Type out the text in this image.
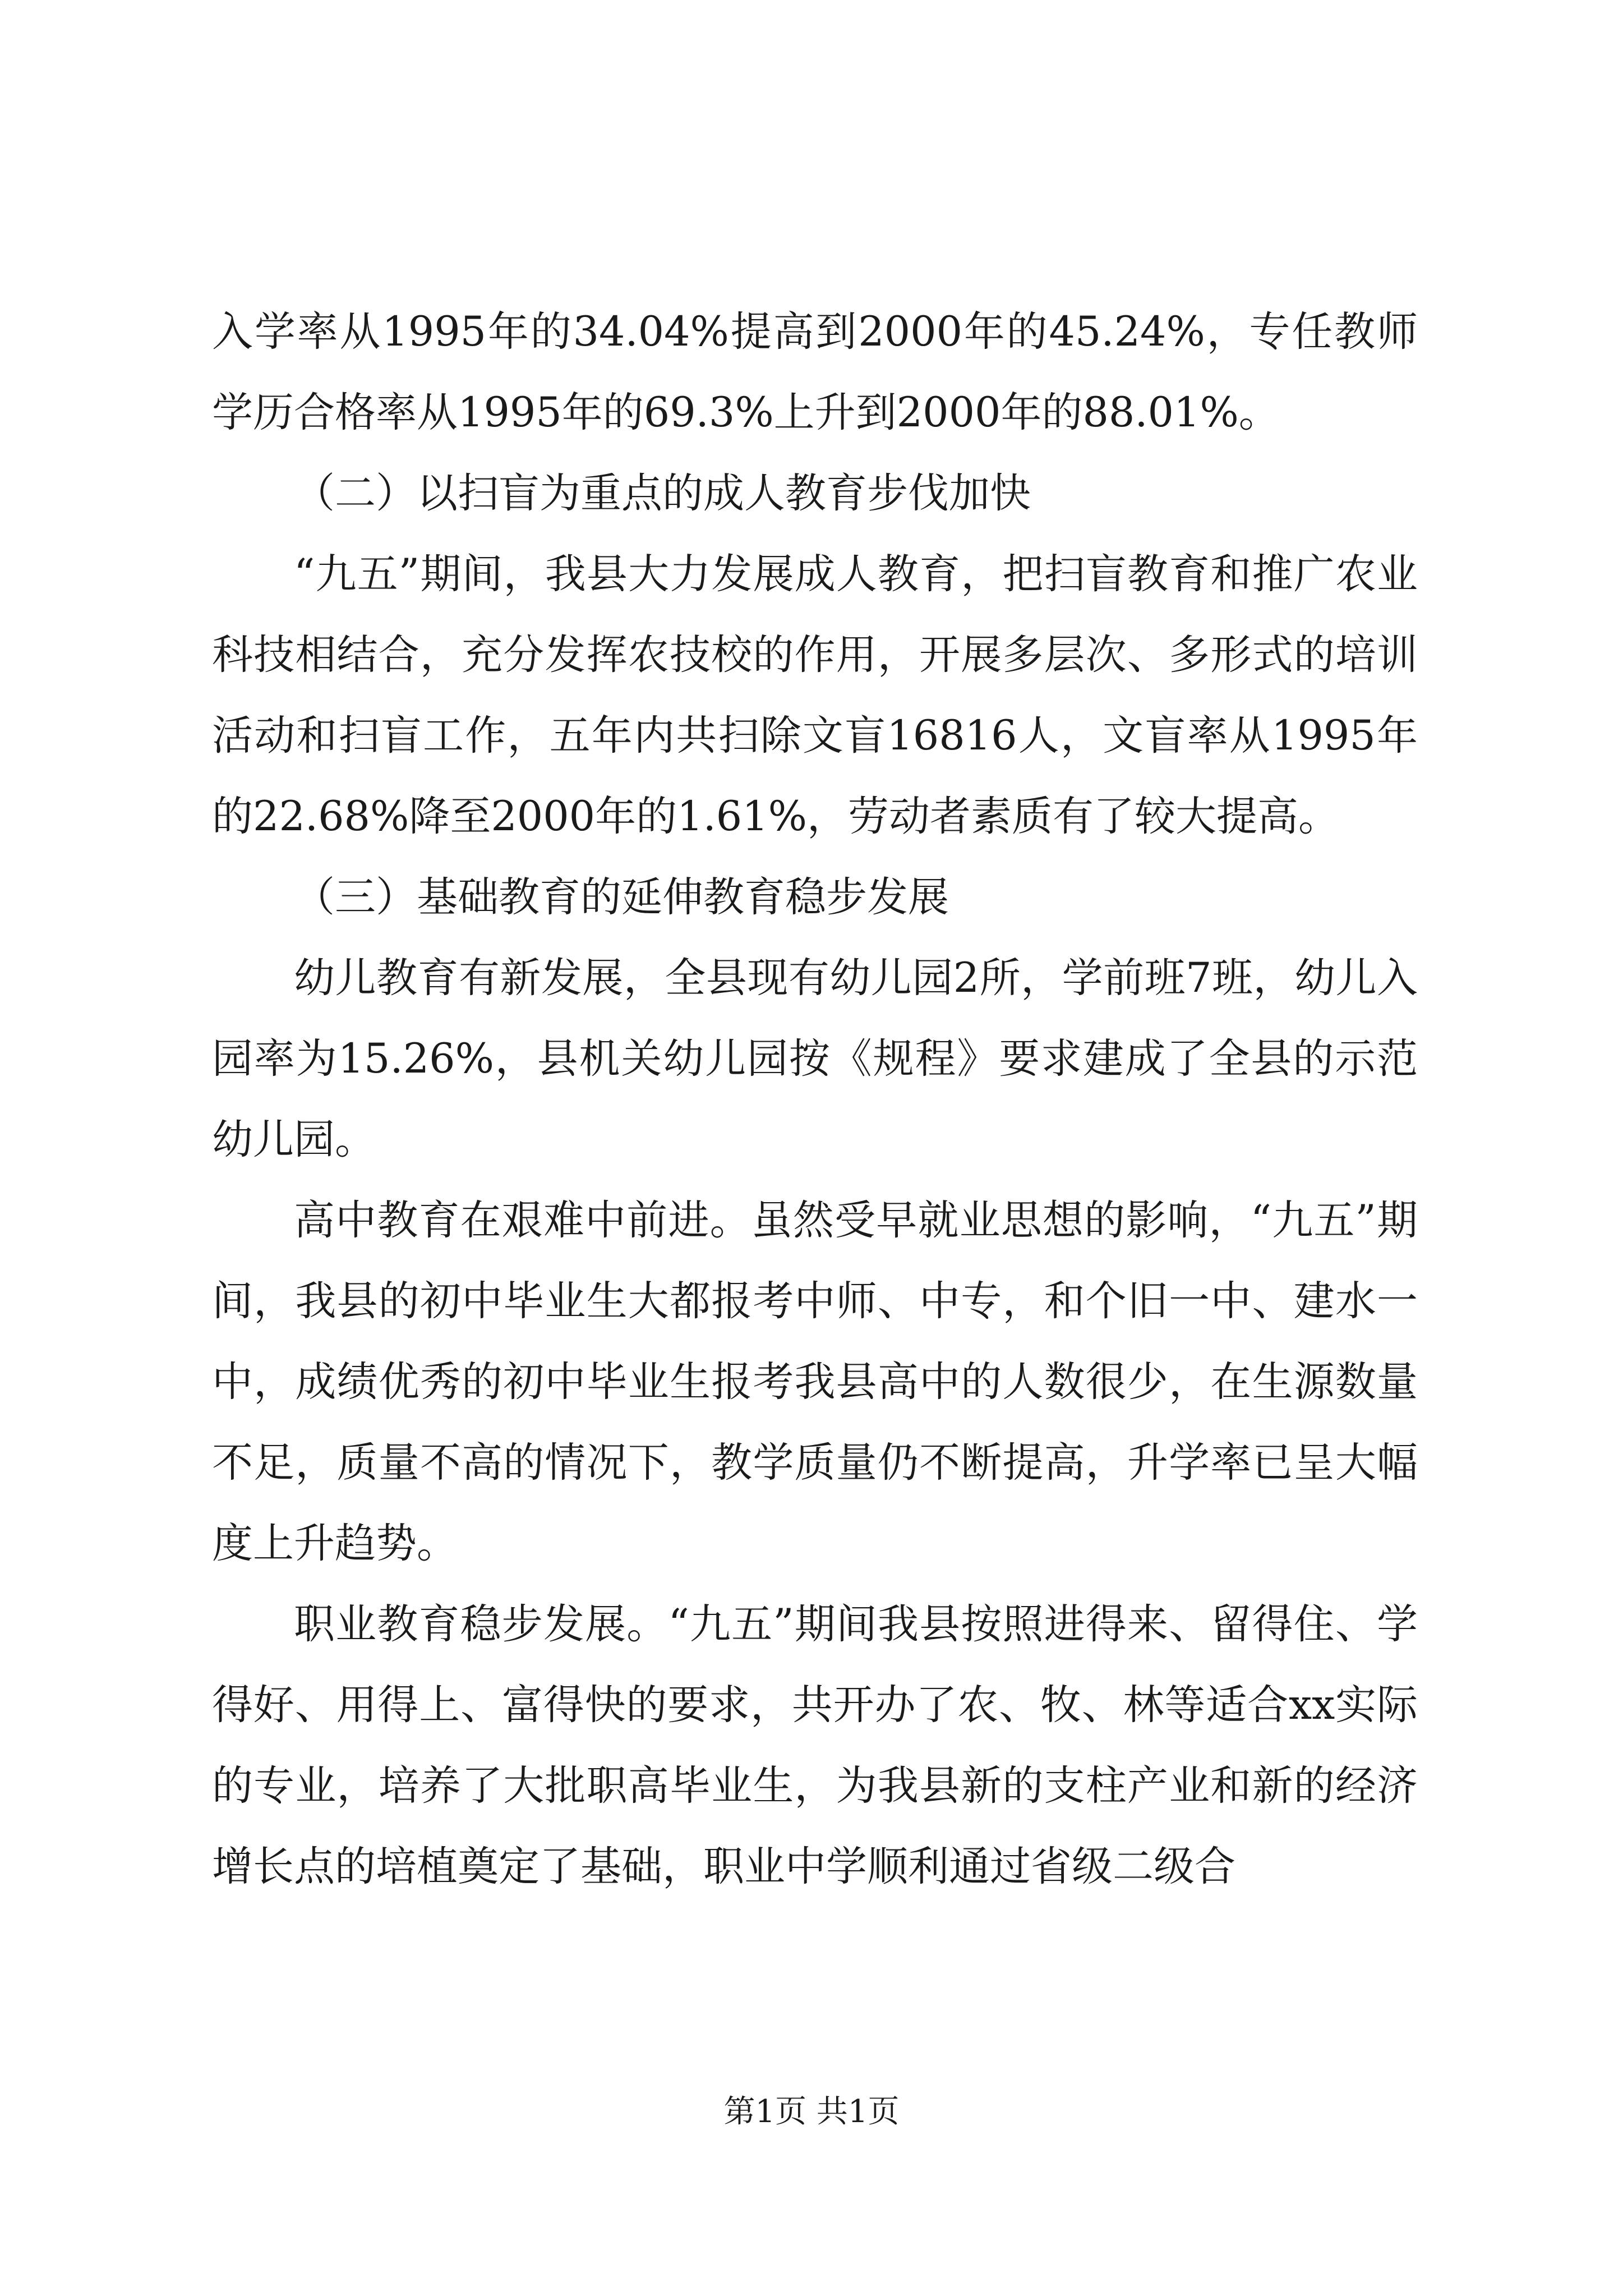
入学率从1995年的34.04%提高到2000年的45.24%，专任教师学历合格率从1995年的69.3%上升到2000年的88.01%。

（二）以扫盲为重点的成人教育步伐加快

“九五”期间，我县大力发展成人教育，把扫盲教育和推广农业科技相结合，充分发挥农技校的作用，开展多层次、多形式的培训活动和扫盲工作，五年内共扫除文盲16816人，文盲率从1995年的22.68%降至2000年的1.61%，劳动者素质有了较大提高。

（三）基础教育的延伸教育稳步发展

幼儿教育有新发展，全县现有幼儿园2所，学前班7班，幼儿入园率为15.26%，县机关幼儿园按《规程》要求建成了全县的示范幼儿园。

高中教育在艰难中前进。虽然受早就业思想的影响，“九五”期间，我县的初中毕业生大都报考中师、中专，和个旧一中、建水一中，成绩优秀的初中毕业生报考我县高中的人数很少，在生源数量不足，质量不高的情况下，教学质量仍不断提高，升学率已呈大幅度上升趋势。

职业教育稳步发展。“九五”期间我县按照进得来、留得住、学得好、用得上、富得快的要求，共开办了农、牧、林等适合xx实际的专业，培养了大批职高毕业生，为我县新的支柱产业和新的经济增长点的培植奠定了基础，职业中学顺利通过省级二级合

第1页 共1页
